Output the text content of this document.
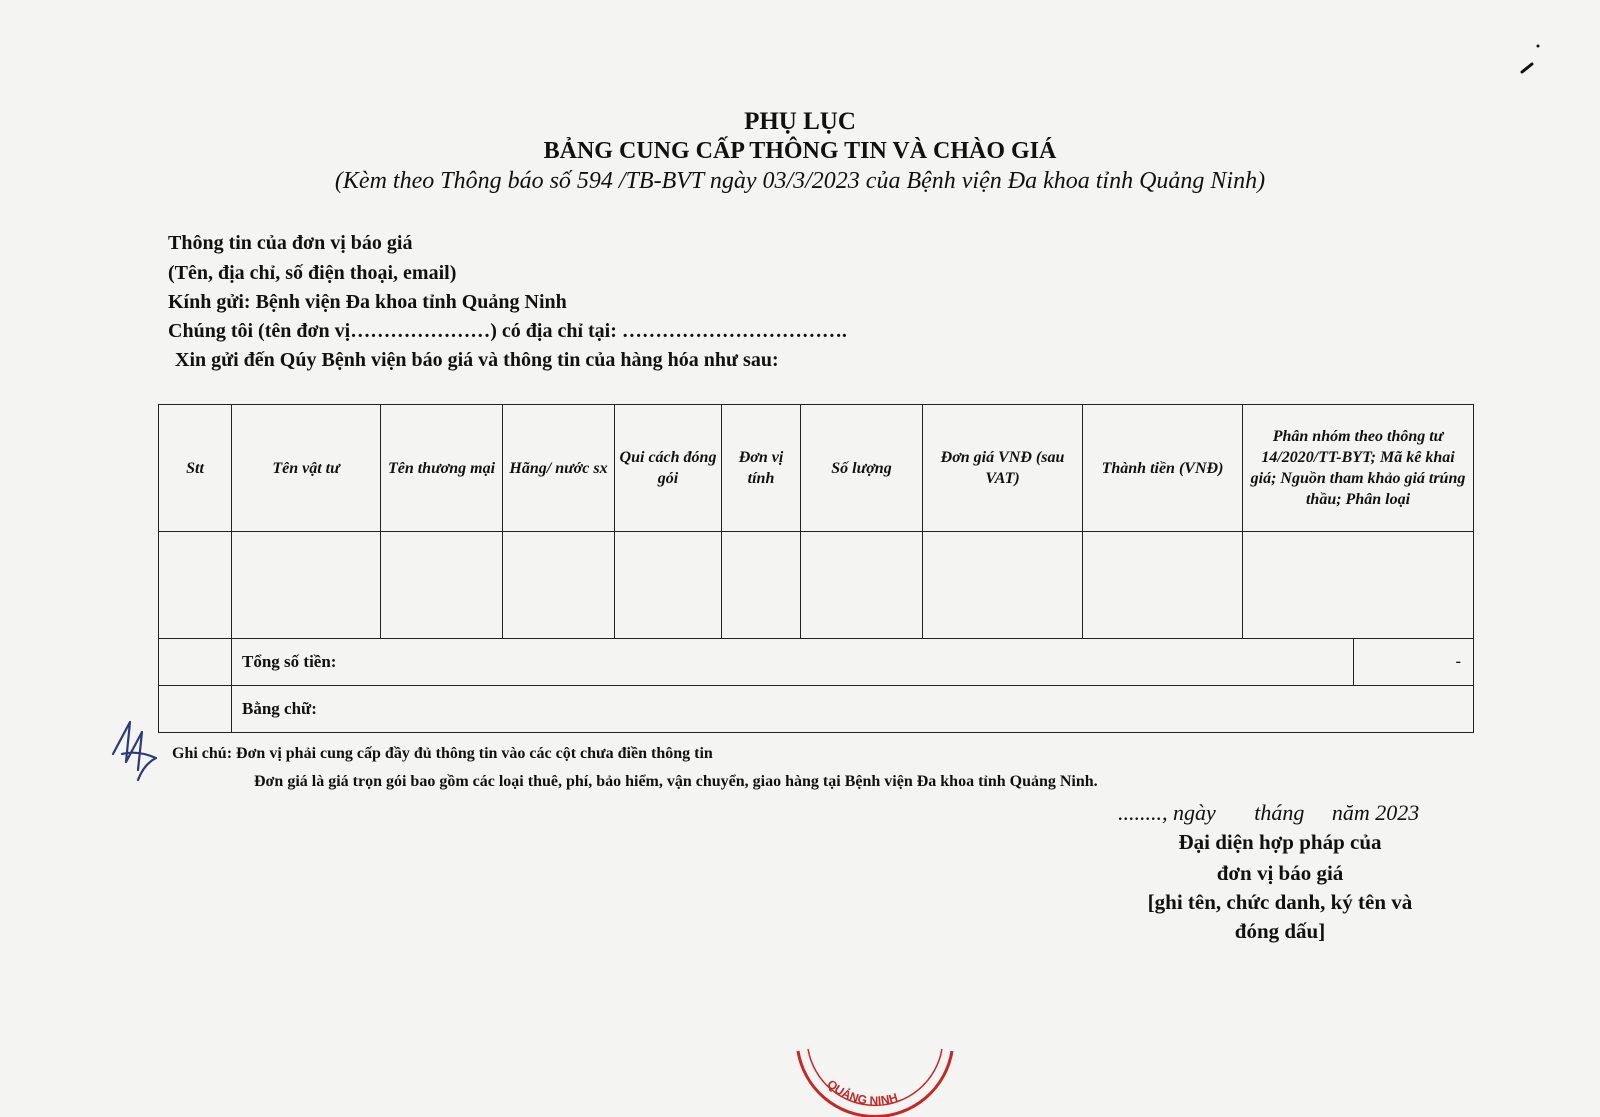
PHỤ LỤC
BẢNG CUNG CẤP THÔNG TIN VÀ CHÀO GIÁ
(Kèm theo Thông báo số 594 /TB-BVT ngày 03/3/2023 của Bệnh viện Đa khoa tỉnh Quảng Ninh)
Thông tin của đơn vị báo giá
(Tên, địa chỉ, số điện thoại, email)
Kính gửi: Bệnh viện Đa khoa tỉnh Quảng Ninh
Chúng tôi (tên đơn vị…………………) có địa chỉ tại: …………………………….
Xin gửi đến Qúy Bệnh viện báo giá và thông tin của hàng hóa như sau:
Stt	Tên vật tư	Tên thương mại	Hãng/ nước sx	Qui cách đóng gói	Đơn vị tính	Số lượng	Đơn giá VNĐ (sau VAT)	Thành tiền (VNĐ)	Phân nhóm theo thông tư 14/2020/TT-BYT; Mã kê khai giá; Nguồn tham khảo giá trúng thầu; Phân loại	

	Tổng số tiền:									-
	Bằng chữ:									
Ghi chú: Đơn vị phải cung cấp đầy đủ thông tin vào các cột chưa điền thông tin
Đơn giá là giá trọn gói bao gồm các loại thuê, phí, bảo hiểm, vận chuyển, giao hàng tại Bệnh viện Đa khoa tỉnh Quảng Ninh.
........, ngày       tháng     năm 2023
Đại diện hợp pháp của
đơn vị báo giá
[ghi tên, chức danh, ký tên và
đóng dấu]
QUẢNG NINH
